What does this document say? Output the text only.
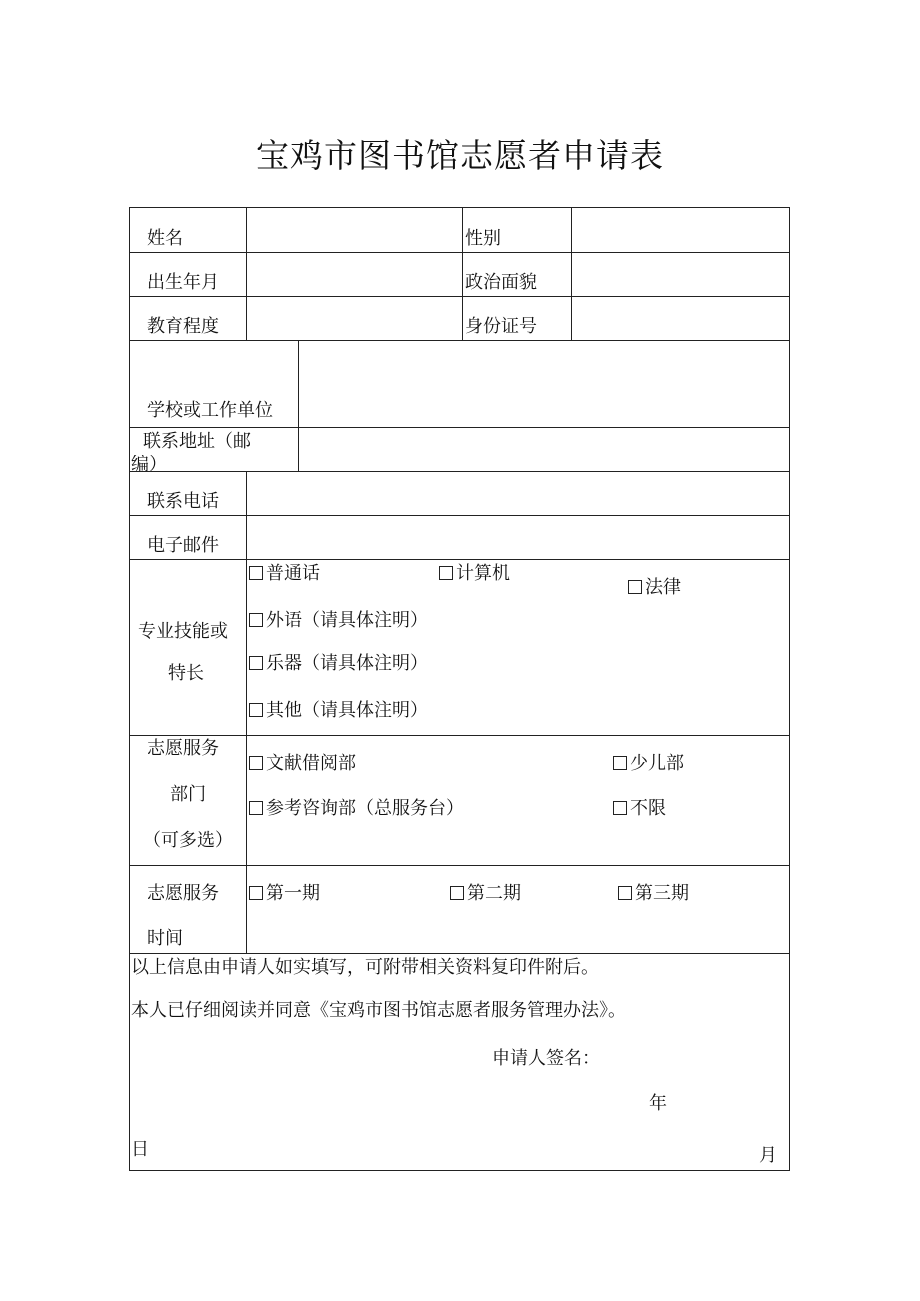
宝鸡市图书馆志愿者申请表
姓名	性别
出生年月	政治面貌
教育程度	身份证号
学校或工作单位
联系地址（邮
编）
联系电话
电子邮件
专业技能或
特长
普通话	计算机
法律
外语（请具体注明）
乐器（请具体注明）
其他（请具体注明）
志愿服务
部门
（可多选）
文献借阅部	少儿部
参考咨询部（总服务台）	不限
志愿服务
时间
第一期	第二期	第三期
以上信息由申请人如实填写，可附带相关资料复印件附后。
本人已仔细阅读并同意《宝鸡市图书馆志愿者服务管理办法》。
申请人签名：
年
日	月
